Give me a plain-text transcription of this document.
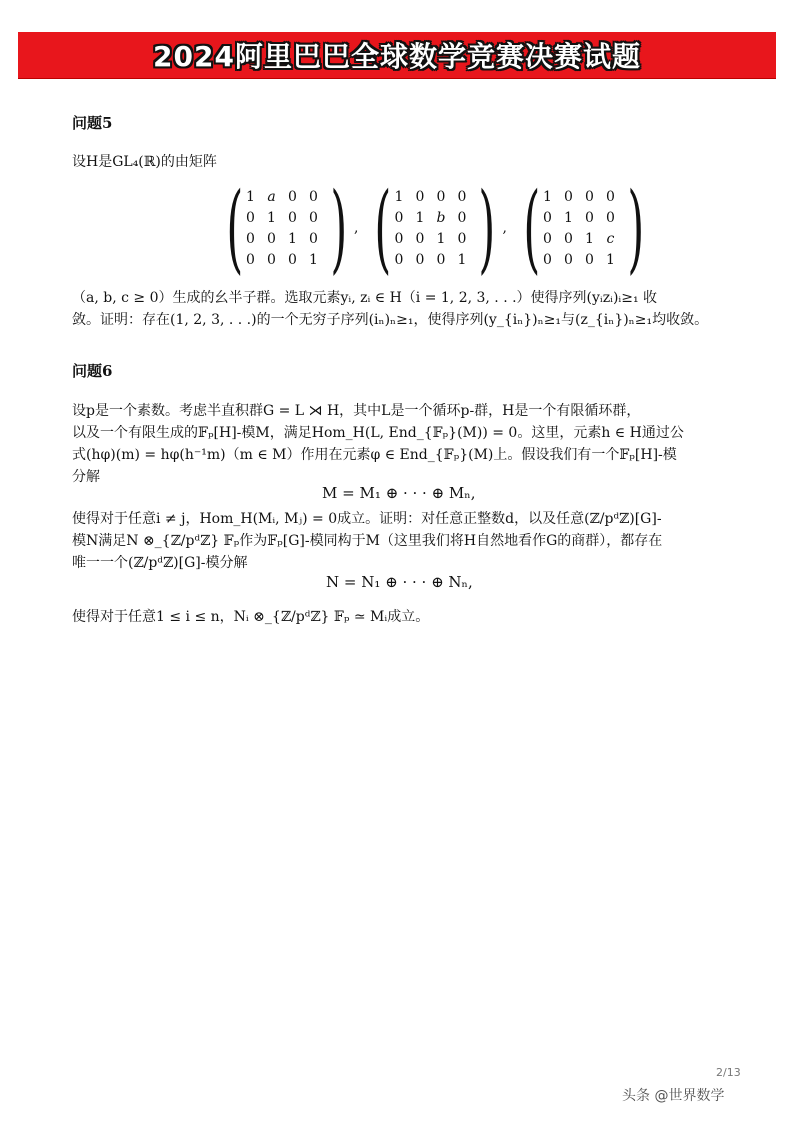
2024阿里巴巴全球数学竞赛决赛试题
问题5
设H是GL₄(ℝ)的由矩阵
( 1 a 0 0
0 1 0 0
0 0 1 0
0 0 0 1 ) , ( 1 0 0 0
0 1 b 0
0 0 1 0
0 0 0 1 ) , ( 1 0 0 0
0 1 0 0
0 0 1 c
0 0 0 1 )
（a, b, c ≥ 0）生成的幺半子群。选取元素yᵢ, zᵢ ∈ H（i = 1, 2, 3, . . .）使得序列(yᵢzᵢ)ᵢ≥₁ 收
敛。证明：存在(1, 2, 3, . . .)的一个无穷子序列(iₙ)ₙ≥₁，使得序列(y_{iₙ})ₙ≥₁与(z_{iₙ})ₙ≥₁均收敛。
问题6
设p是一个素数。考虑半直积群G = L ⋊ H，其中L是一个循环p-群，H是一个有限循环群，
以及一个有限生成的𝔽ₚ[H]-模M，满足Hom_H(L, End_{𝔽ₚ}(M)) = 0。这里，元素h ∈ H通过公
式(hφ)(m) = hφ(h⁻¹m)（m ∈ M）作用在元素φ ∈ End_{𝔽ₚ}(M)上。假设我们有一个𝔽ₚ[H]-模
分解
M = M₁ ⊕ · · · ⊕ Mₙ,
使得对于任意i ≠ j，Hom_H(Mᵢ, Mⱼ) = 0成立。证明：对任意正整数d，以及任意(ℤ/pᵈℤ)[G]-
模N满足N ⊗_{ℤ/pᵈℤ} 𝔽ₚ作为𝔽ₚ[G]-模同构于M（这里我们将H自然地看作G的商群），都存在
唯一一个(ℤ/pᵈℤ)[G]-模分解
N = N₁ ⊕ · · · ⊕ Nₙ,
使得对于任意1 ≤ i ≤ n，Nᵢ ⊗_{ℤ/pᵈℤ} 𝔽ₚ ≃ Mᵢ成立。
2/13
头条 @世界数学
